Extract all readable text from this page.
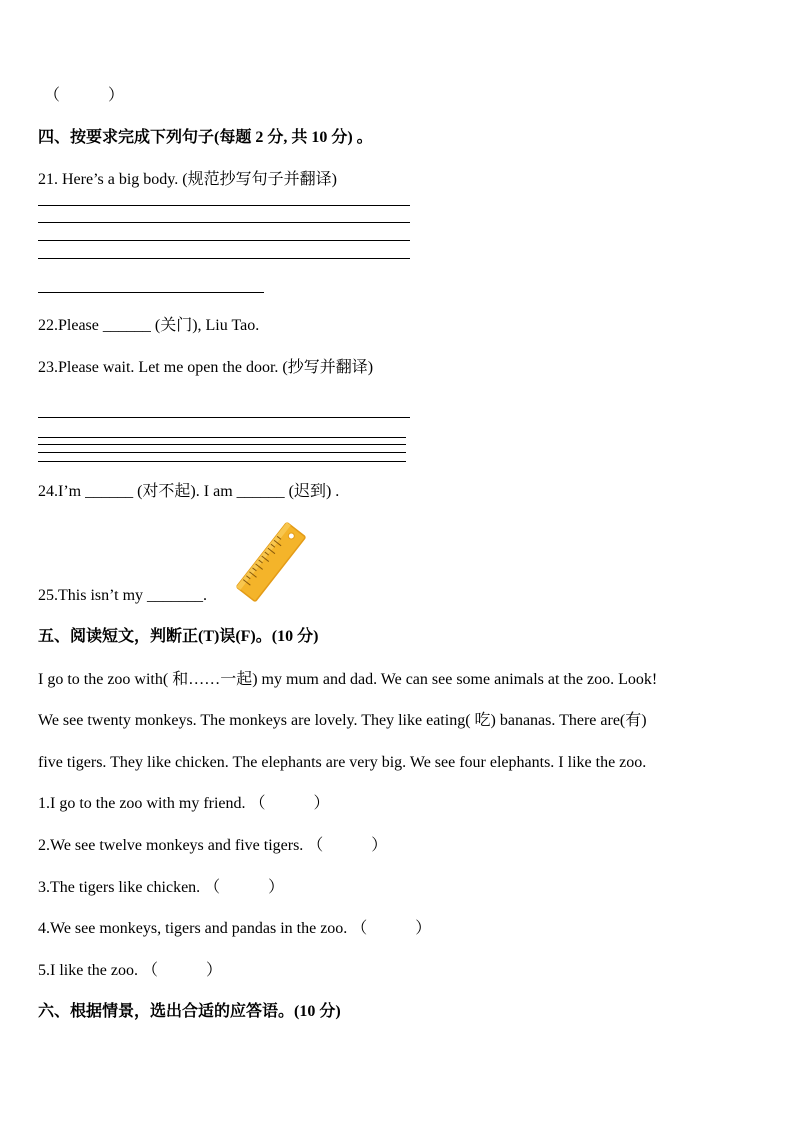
（　　　）
四、按要求完成下列句子(每题 2 分, 共 10 分) 。
21. Here’s a big body. (规范抄写句子并翻译)
22.Please ______ (关门), Liu Tao.
23.Please wait. Let me open the door. (抄写并翻译)
24.I’m ______ (对不起). I am ______ (迟到) .
25.This isn’t my _______.
五、阅读短文，判断正(T)误(F)。(10 分)
I go to the zoo with( 和……一起) my mum and dad. We can see some animals at the zoo. Look!
We see twenty monkeys. The monkeys are lovely. They like eating( 吃) bananas. There are(有)
five tigers. They like chicken. The elephants are very big. We see four elephants. I like the zoo.
1.I go to the zoo with my friend. （　　　）
2.We see twelve monkeys and five tigers. （　　　）
3.The tigers like chicken. （　　　）
4.We see monkeys, tigers and pandas in the zoo. （　　　）
5.I like the zoo. （　　　）
六、根据情景，选出合适的应答语。(10 分)
